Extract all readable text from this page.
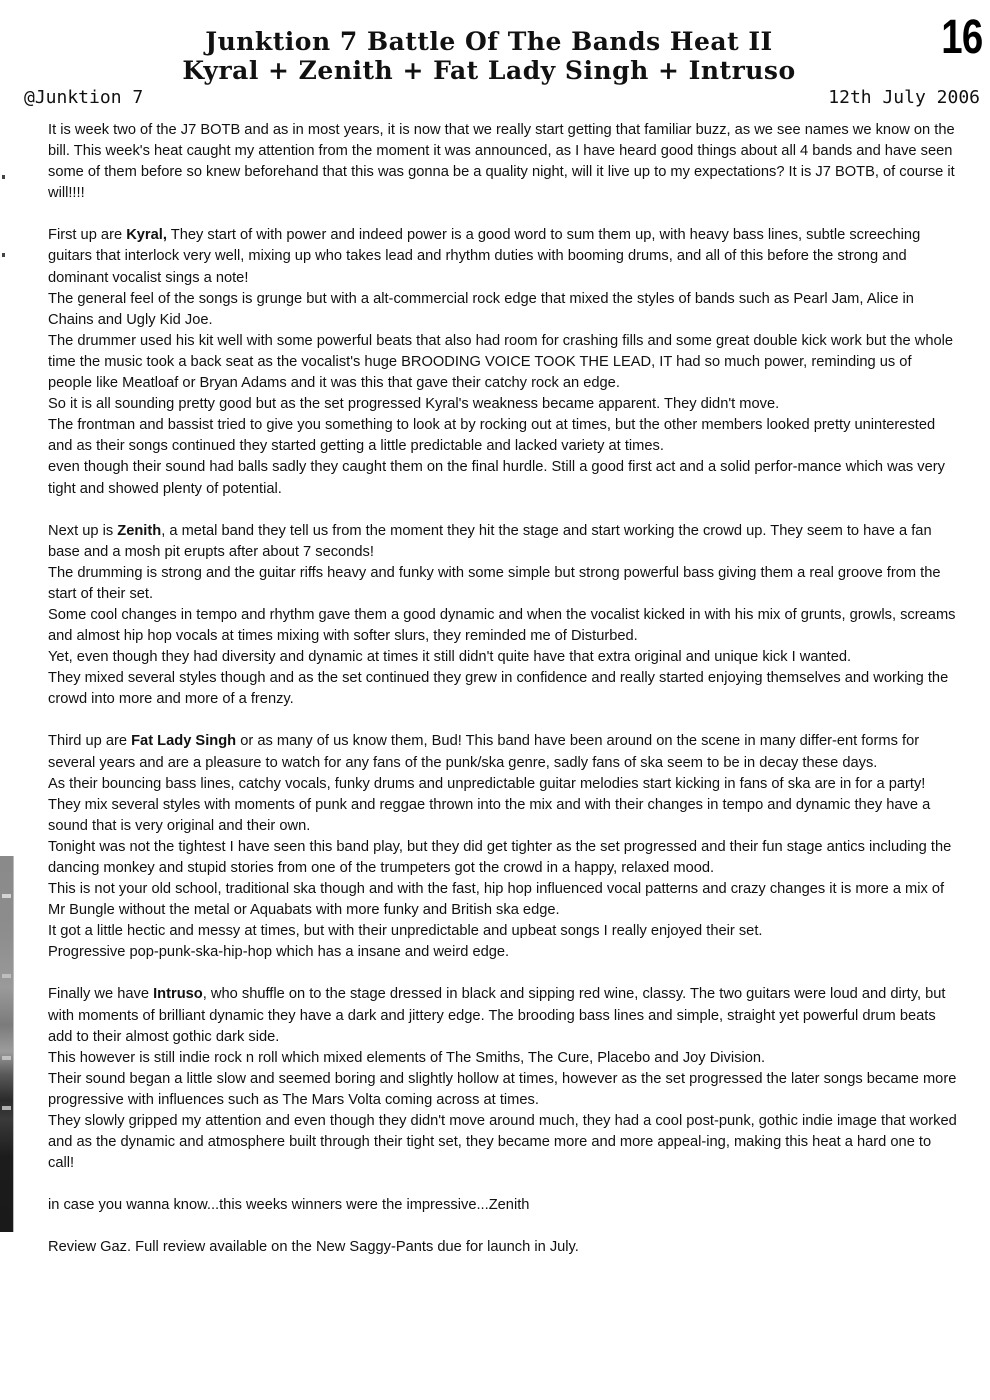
Junktion 7 Battle Of The Bands Heat II
Kyral + Zenith + Fat Lady Singh + Intruso
16
@Junktion 7	12th July 2006

It is week two of the J7 BOTB and as in most years, it is now that we really start getting that familiar buzz, as we see names we know on the bill. This week's heat caught my attention from the moment it was announced, as I have heard good things about all 4 bands and have seen some of them before so knew beforehand that this was gonna be a quality night, will it live up to my expectations? It is J7 BOTB, of course it will!!!!

First up are Kyral, They start of with power and indeed power is a good word to sum them up, with heavy bass lines, subtle screeching guitars that interlock very well, mixing up who takes lead and rhythm duties with booming drums, and all of this before the strong and dominant vocalist sings a note!

The general feel of the songs is grunge but with a alt-commercial rock edge that mixed the styles of bands such as Pearl Jam, Alice in Chains and Ugly Kid Joe.

The drummer used his kit well with some powerful beats that also had room for crashing fills and some great double kick work but the whole time the music took a back seat as the vocalist's huge BROODING VOICE TOOK THE LEAD, IT had so much power, reminding us of people like Meatloaf or Bryan Adams and it was this that gave their catchy rock an edge.

So it is all sounding pretty good but as the set progressed Kyral's weakness became apparent. They didn't move.

The frontman and bassist tried to give you something to look at by rocking out at times, but the other members looked pretty uninterested and as their songs continued they started getting a little predictable and lacked variety at times.

even though their sound had balls sadly they caught them on the final hurdle. Still a good first act and a solid perfor-mance which was very tight and showed plenty of potential.

Next up is Zenith, a metal band they tell us from the moment they hit the stage and start working the crowd up. They seem to have a fan base and a mosh pit erupts after about 7 seconds!

The drumming is strong and the guitar riffs heavy and funky with some simple but strong powerful bass giving them a real groove from the start of their set.

Some cool changes in tempo and rhythm gave them a good dynamic and when the vocalist kicked in with his mix of grunts, growls, screams and almost hip hop vocals at times mixing with softer slurs, they reminded me of Disturbed.

Yet, even though they had diversity and dynamic at times it still didn't quite have that extra original and unique kick I wanted.

They mixed several styles though and as the set continued they grew in confidence and really started enjoying themselves and working the crowd into more and more of a frenzy.

Third up are Fat Lady Singh or as many of us know them, Bud! This band have been around on the scene in many differ-ent forms for several years and are a pleasure to watch for any fans of the punk/ska genre, sadly fans of ska seem to be in decay these days.

As their bouncing bass lines, catchy vocals, funky drums and unpredictable guitar melodies start kicking in fans of ska are in for a party!

They mix several styles with moments of punk and reggae thrown into the mix and with their changes in tempo and dynamic they have a sound that is very original and their own.

Tonight was not the tightest I have seen this band play, but they did get tighter as the set progressed and their fun stage antics including the dancing monkey and stupid stories from one of the trumpeters got the crowd in a happy, relaxed mood.

This is not your old school, traditional ska though and with the fast, hip hop influenced vocal patterns and crazy changes it is more a mix of Mr Bungle without the metal or Aquabats with more funky and British ska edge.

It got a little hectic and messy at times, but with their unpredictable and upbeat songs I really enjoyed their set.

Progressive pop-punk-ska-hip-hop which has a insane and weird edge.

Finally we have Intruso, who shuffle on to the stage dressed in black and sipping red wine, classy. The two guitars were loud and dirty, but with moments of brilliant dynamic they have a dark and jittery edge. The brooding bass lines and simple, straight yet powerful drum beats add to their almost gothic dark side.

This however is still indie rock n roll which mixed elements of The Smiths, The Cure, Placebo and Joy Division.

Their sound began a little slow and seemed boring and slightly hollow at times, however as the set progressed the later songs became more progressive with influences such as The Mars Volta coming across at times.

They slowly gripped my attention and even though they didn't move around much, they had a cool post-punk, gothic indie image that worked and as the dynamic and atmosphere built through their tight set, they became more and more appeal-ing, making this heat a hard one to call!

in case you wanna know...this weeks winners were the impressive...Zenith

Review Gaz. Full review available on the New Saggy-Pants due for launch in July.
